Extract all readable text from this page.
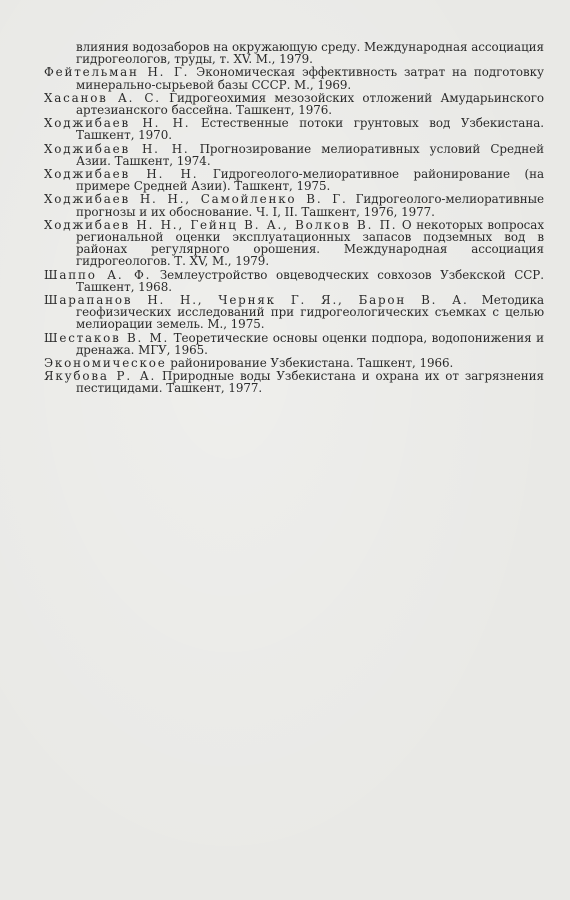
влияния водозаборов на окружающую среду. Международная ассоциация гидрогеологов, труды, т. XV. М., 1979.

Фейтельман Н. Г. Экономическая эффективность затрат на подготовку минерально-сырьевой базы СССР. М., 1969.

Хасанов А. С. Гидрогеохимия мезозойских отложений Амударьинского артезианского бассейна. Ташкент, 1976.

Ходжибаев Н. Н. Естественные потоки грунтовых вод Узбекистана. Ташкент, 1970.

Ходжибаев Н. Н. Прогнозирование мелиоративных условий Средней Азии. Ташкент, 1974.

Ходжибаев Н. Н. Гидрогеолого-мелиоративное районирование (на примере Средней Азии). Ташкент, 1975.

Ходжибаев Н. Н., Самойленко В. Г. Гидрогеолого-мелиоративные прогнозы и их обоснование. Ч. I, II. Ташкент, 1976, 1977.

Ходжибаев Н. Н., Гейнц В. А., Волков В. П. О некоторых вопросах региональной оценки эксплуатационных запасов подземных вод в районах регулярного орошения. Международная ассоциация гидрогеологов. Т. XV, М., 1979.

Шаппо А. Ф. Землеустройство овцеводческих совхозов Узбекской ССР. Ташкент, 1968.

Шарапанов Н. Н., Черняк Г. Я., Барон В. А. Методика геофизических исследований при гидрогеологических съемках с целью мелиорации земель. М., 1975.

Шестаков В. М. Теоретические основы оценки подпора, водопонижения и дренажа. МГУ, 1965.

Экономическое районирование Узбекистана. Ташкент, 1966.

Якубова Р. А. Природные воды Узбекистана и охрана их от загрязнения пестицидами. Ташкент, 1977.
